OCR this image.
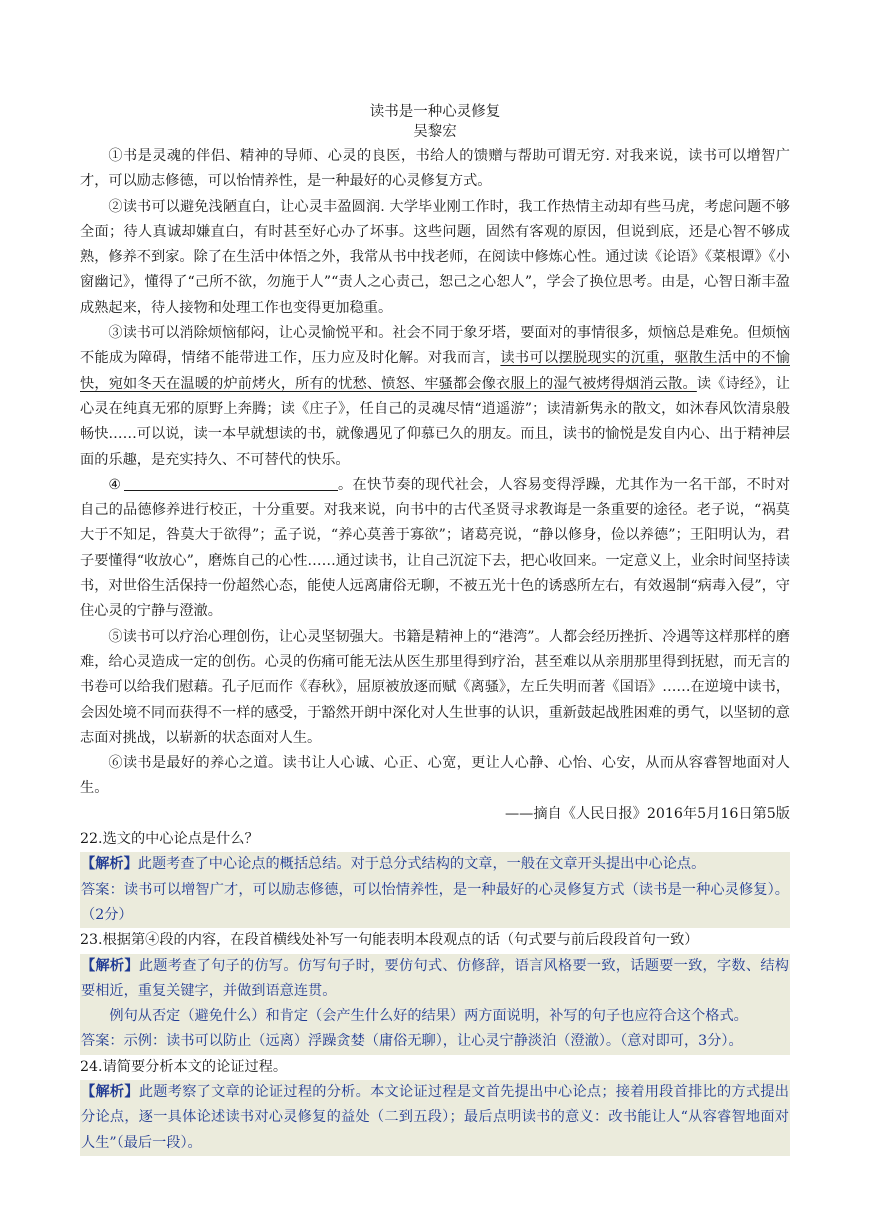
读书是一种心灵修复
吴黎宏

①书是灵魂的伴侣、精神的导师、心灵的良医，书给人的馈赠与帮助可谓无穷. 对我来说，读书可以增智广才，可以励志修德，可以怡情养性，是一种最好的心灵修复方式。

②读书可以避免浅陋直白，让心灵丰盈圆润. 大学毕业刚工作时，我工作热情主动却有些马虎，考虑问题不够全面；待人真诚却嫌直白，有时甚至好心办了坏事。这些问题，固然有客观的原因，但说到底，还是心智不够成熟，修养不到家。除了在生活中体悟之外，我常从书中找老师，在阅读中修炼心性。通过读《论语》《菜根谭》《小窗幽记》，懂得了“己所不欲，勿施于人”“责人之心责己，恕己之心恕人”，学会了换位思考。由是，心智日渐丰盈成熟起来，待人接物和处理工作也变得更加稳重。

③读书可以消除烦恼郁闷，让心灵愉悦平和。社会不同于象牙塔，要面对的事情很多，烦恼总是难免。但烦恼不能成为障碍，情绪不能带进工作，压力应及时化解。对我而言，读书可以摆脱现实的沉重，驱散生活中的不愉快，宛如冬天在温暖的炉前烤火，所有的忧愁、愤怒、牢骚都会像衣服上的湿气被烤得烟消云散。读《诗经》，让心灵在纯真无邪的原野上奔腾；读《庄子》，任自己的灵魂尽情“逍遥游”；读清新隽永的散文，如沐春风饮清泉般畅快……可以说，读一本早就想读的书，就像遇见了仰慕已久的朋友。而且，读书的愉悦是发自内心、出于精神层面的乐趣，是充实持久、不可替代的快乐。

④	。在快节奏的现代社会，人容易变得浮躁，尤其作为一名干部，不时对自己的品德修养进行校正，十分重要。对我来说，向书中的古代圣贤寻求教诲是一条重要的途径。老子说，“祸莫大于不知足，咎莫大于欲得”；孟子说，“养心莫善于寡欲”；诸葛亮说，“静以修身，俭以养德”；王阳明认为，君子要懂得“收放心”，磨炼自己的心性……通过读书，让自己沉淀下去，把心收回来。一定意义上，业余时间坚持读书，对世俗生活保持一份超然心态，能使人远离庸俗无聊，不被五光十色的诱惑所左右，有效遏制“病毒入侵”，守住心灵的宁静与澄澈。

⑤读书可以疗治心理创伤，让心灵坚韧强大。书籍是精神上的“港湾”。人都会经历挫折、冷遇等这样那样的磨难，给心灵造成一定的创伤。心灵的伤痛可能无法从医生那里得到疗治，甚至难以从亲朋那里得到抚慰，而无言的书卷可以给我们慰藉。孔子厄而作《春秋》，屈原被放逐而赋《离骚》，左丘失明而著《国语》……在逆境中读书，会因处境不同而获得不一样的感受，于豁然开朗中深化对人生世事的认识，重新鼓起战胜困难的勇气，以坚韧的意志面对挑战，以崭新的状态面对人生。

⑥读书是最好的养心之道。读书让人心诚、心正、心宽，更让人心静、心怡、心安，从而从容睿智地面对人生。

——摘自《人民日报》2016年5月16日第5版

22.选文的中心论点是什么？

【解析】此题考查了中心论点的概括总结。对于总分式结构的文章，一般在文章开头提出中心论点。

答案：读书可以增智广才，可以励志修德，可以怡情养性，是一种最好的心灵修复方式（读书是一种心灵修复）。（2分）

23.根据第④段的内容，在段首横线处补写一句能表明本段观点的话（句式要与前后段段首句一致）

【解析】此题考查了句子的仿写。仿写句子时，要仿句式、仿修辞，语言风格要一致，话题要一致，字数、结构要相近，重复关键字，并做到语意连贯。

例句从否定（避免什么）和肯定（会产生什么好的结果）两方面说明，补写的句子也应符合这个格式。

答案：示例：读书可以防止（远离）浮躁贪婪（庸俗无聊），让心灵宁静淡泊（澄澈）。（意对即可，3分）。

24.请简要分析本文的论证过程。

【解析】此题考察了文章的论证过程的分析。本文论证过程是文首先提出中心论点；接着用段首排比的方式提出分论点，逐一具体论述读书对心灵修复的益处（二到五段）；最后点明读书的意义：改书能让人“从容睿智地面对人生”（最后一段）。
